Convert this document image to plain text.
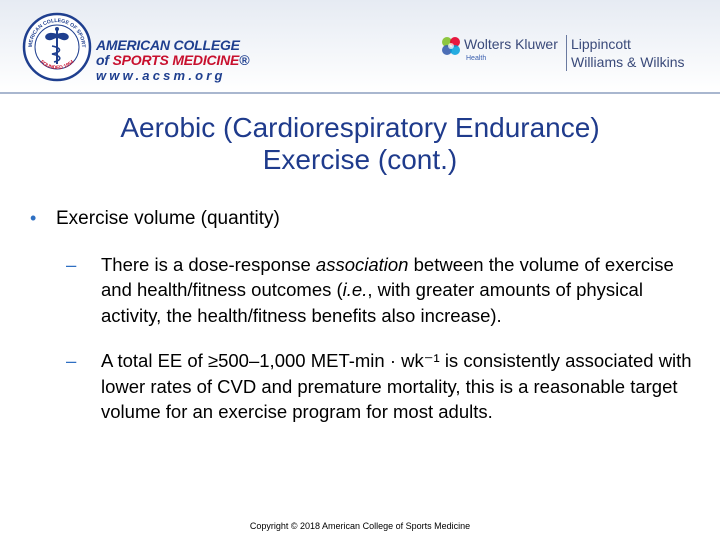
MERICAN COLLEGE OF SPORT
FOUNDED 1954
AMERICAN COLLEGE
of SPORTS MEDICINE®
www.acsm.org
Wolters Kluwer
Health
Lippincott
Williams & Wilkins
Aerobic (Cardiorespiratory Endurance)
Exercise (cont.)
• Exercise volume (quantity)
– There is a dose-response association between the volume of exercise and health/fitness outcomes (i.e., with greater amounts of physical activity, the health/fitness benefits also increase).
– A total EE of ≥500–1,000 MET-min · wk⁻¹ is consistently associated with lower rates of CVD and premature mortality, this is a reasonable target volume for an exercise program for most adults.
Copyright © 2018 American College of Sports Medicine
